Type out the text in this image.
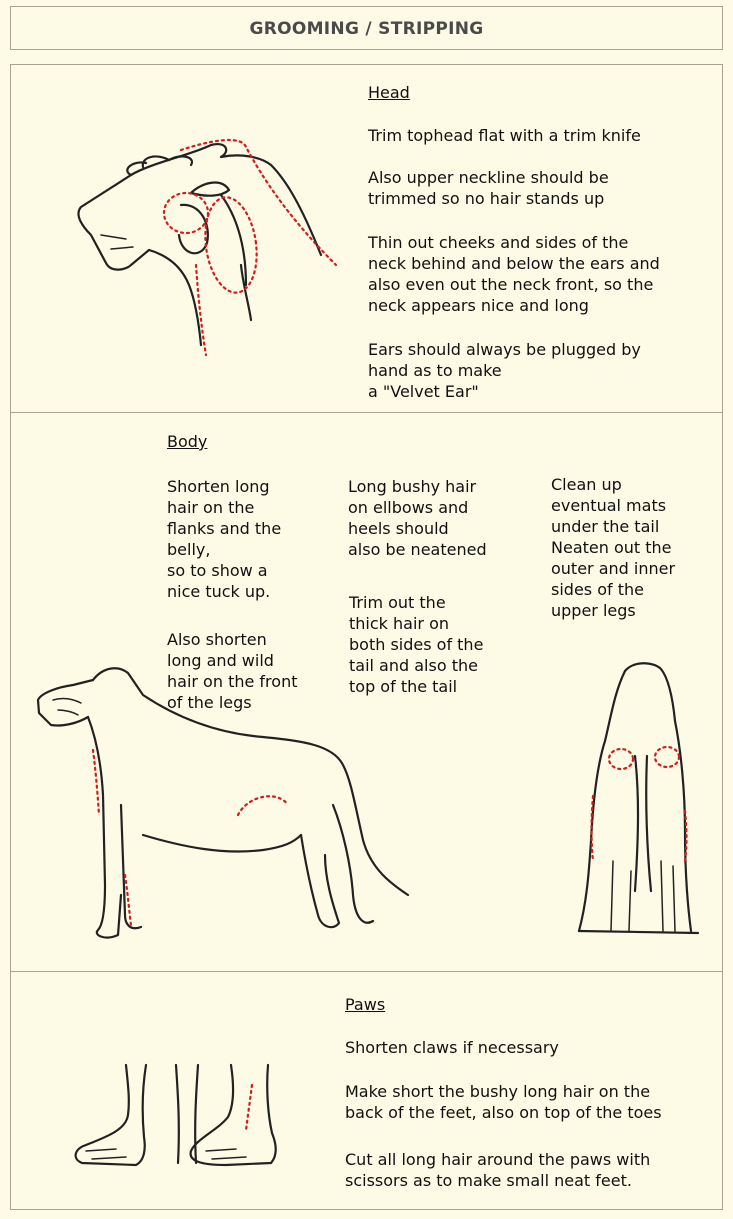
GROOMING / STRIPPING
Head
Trim tophead flat with a trim knife
Also upper neckline should be
trimmed so no hair stands up
Thin out cheeks and sides of the
neck behind and below the ears and
also even out the neck front, so the
neck appears nice and long
Ears should always be plugged by
hand as to make
a "Velvet Ear"
Body
Shorten long
hair on the
flanks and the
belly,
so to show a
nice tuck up.
Also shorten
long and wild
hair on the front
of the legs
Long bushy hair
on ellbows and
heels should
also be neatened
Trim out the
thick hair on
both sides of the
tail and also the
top of the tail
Clean up
eventual mats
under the tail
Neaten out the
outer and inner
sides of the
upper legs
Paws
Shorten claws if necessary
Make short the bushy long hair on the
back of the feet, also on top of the toes
Cut all long hair around the paws with
scissors as to make small neat feet.
